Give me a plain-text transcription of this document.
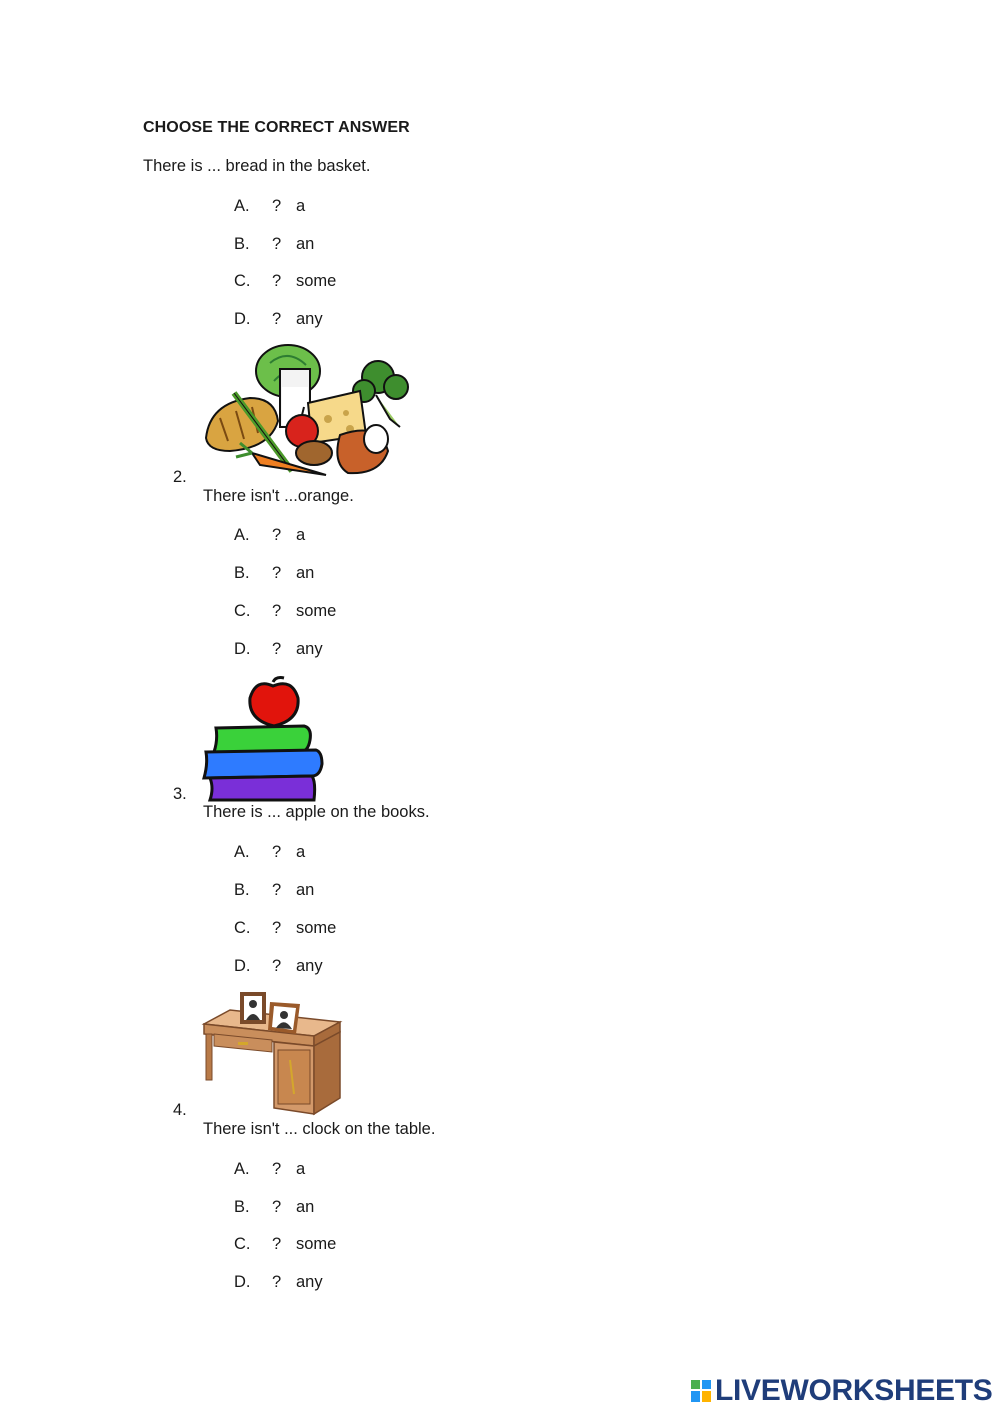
CHOOSE THE CORRECT ANSWER
There is ... bread in the basket.
A. ? a
B. ? an
C. ? some
D. ? any
2.
There isn't ...orange.
A. ? a
B. ? an
C. ? some
D. ? any
3.
There is ... apple on the books.
A. ? a
B. ? an
C. ? some
D. ? any
4.
There isn't ... clock on the table.
A. ? a
B. ? an
C. ? some
D. ? any
LIVEWORKSHEETS
